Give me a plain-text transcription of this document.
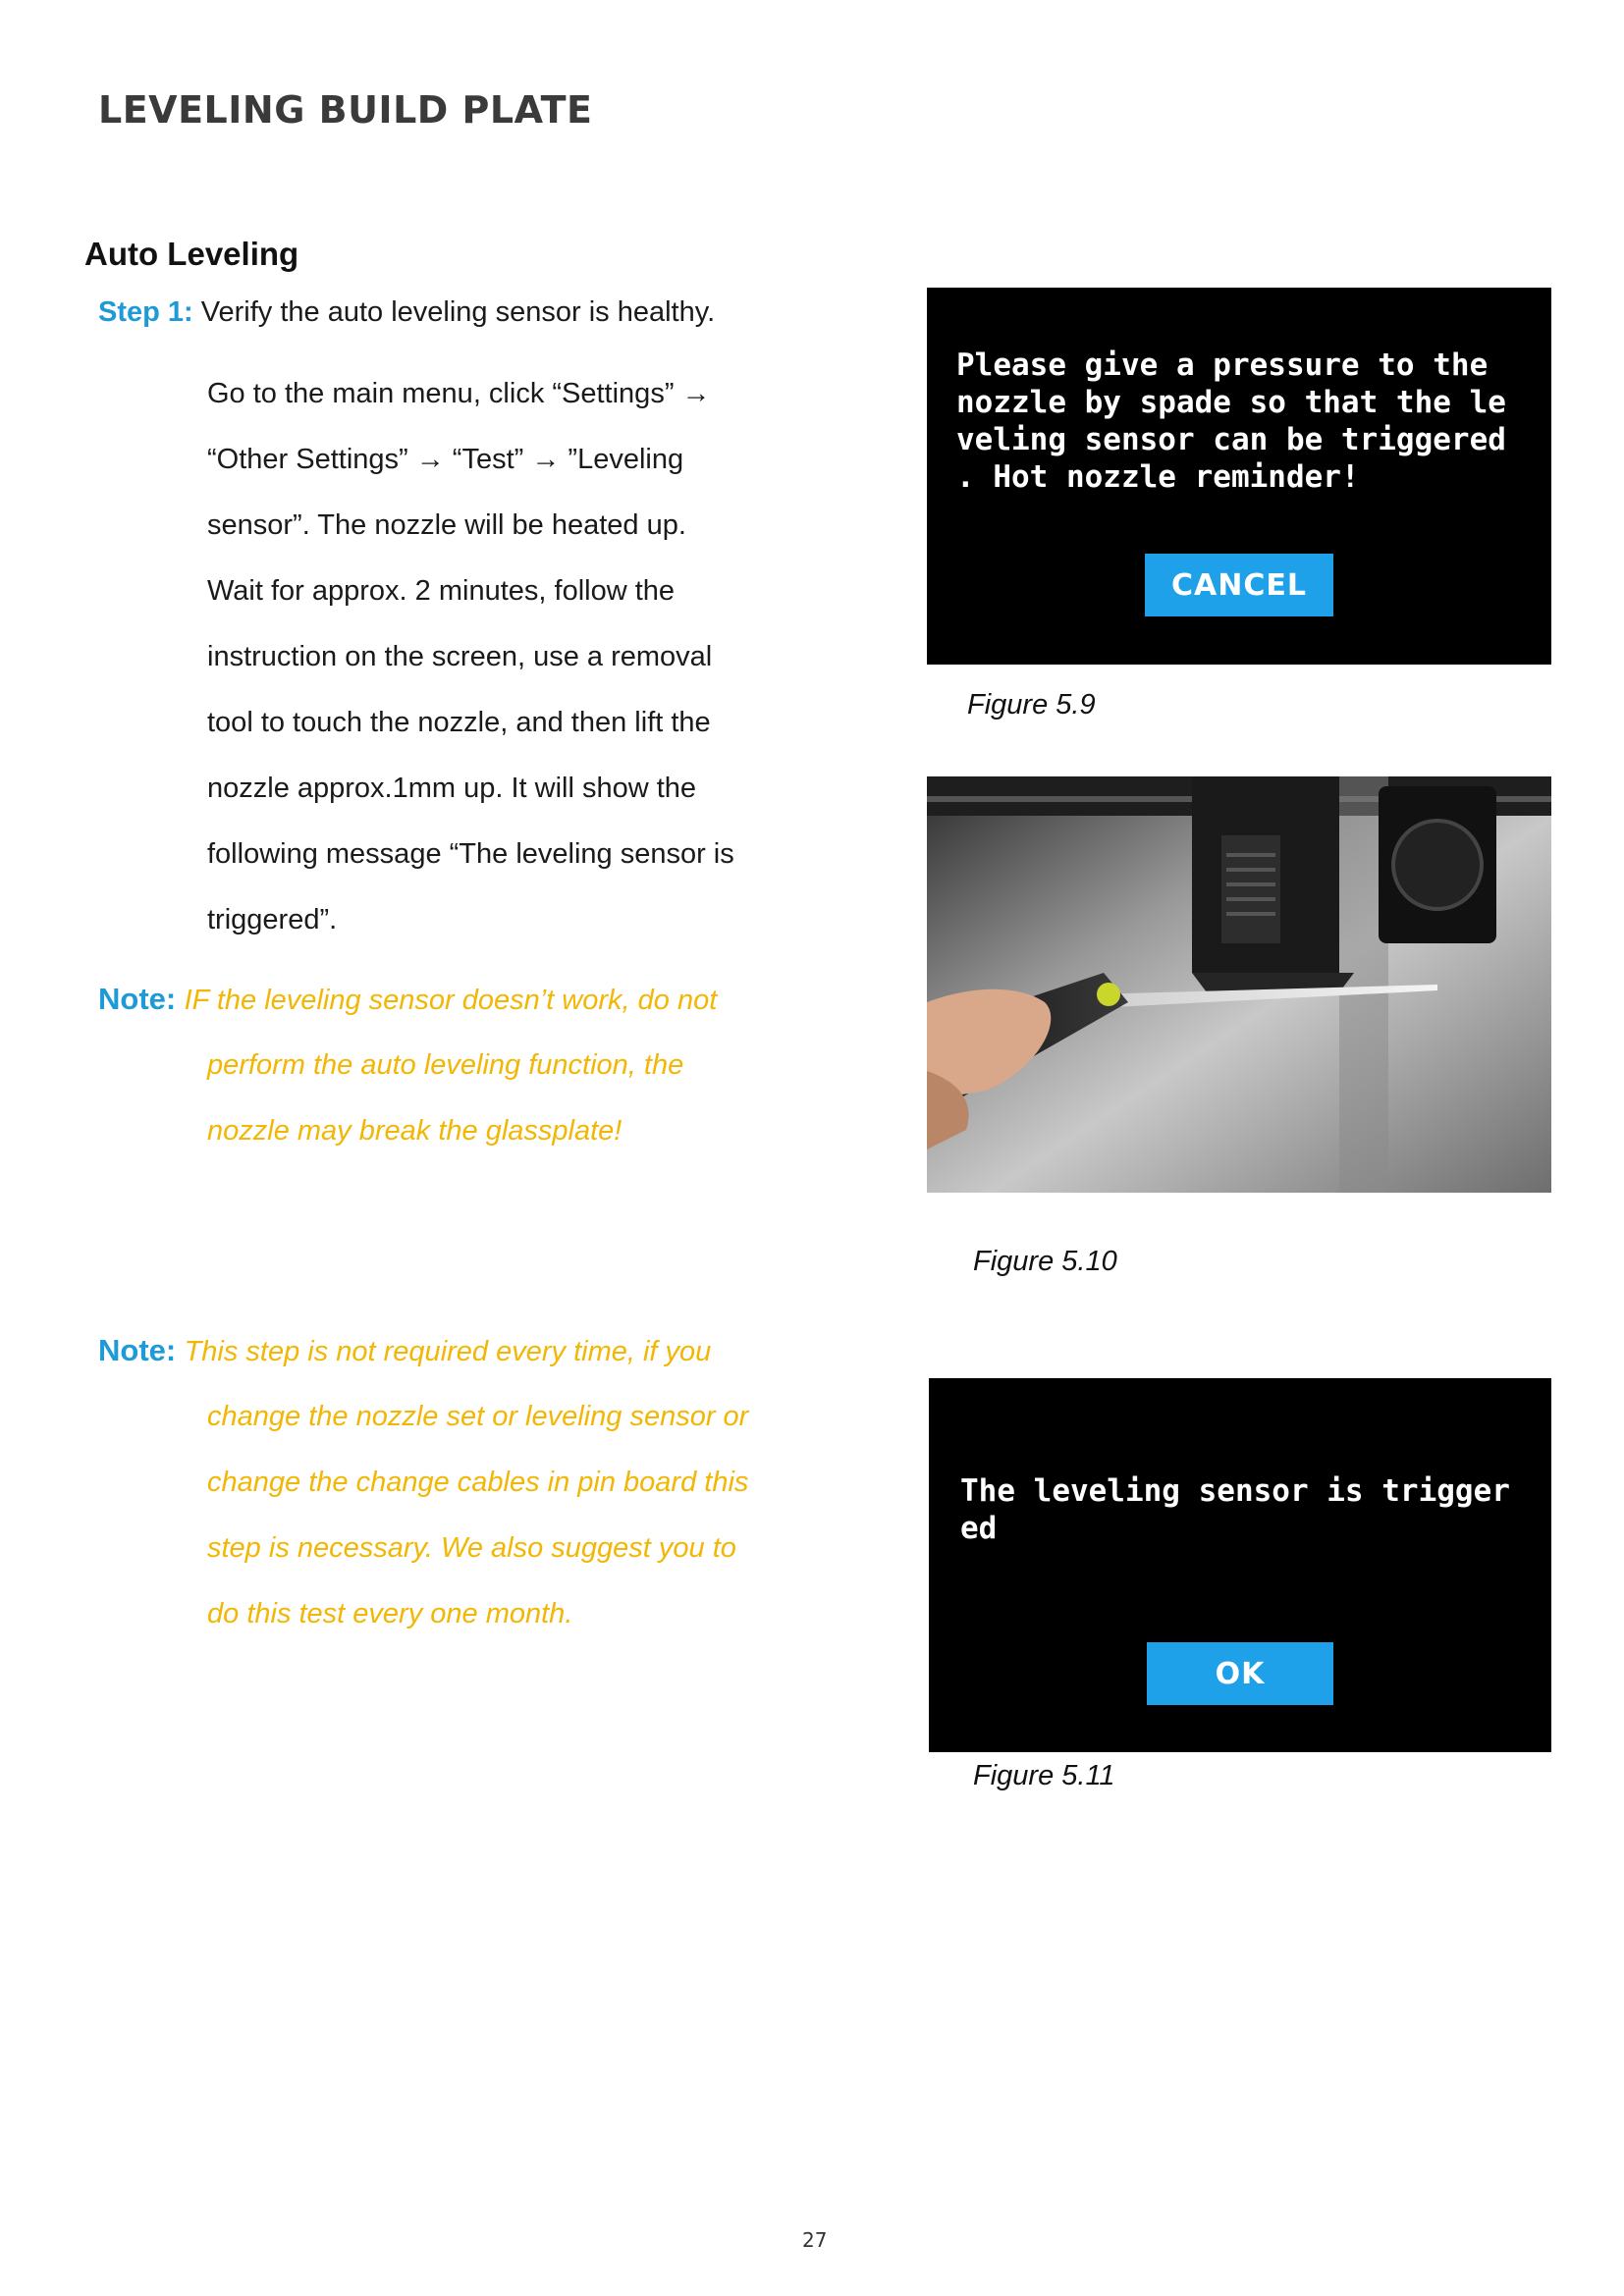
LEVELING BUILD PLATE
Auto Leveling
Step 1: Verify the auto leveling sensor is healthy.

Go to the main menu, click “Settings” →

“Other Settings” → “Test” → ”Leveling

sensor”. The nozzle will be heated up.

Wait for approx. 2 minutes, follow the

instruction on the screen, use a removal

tool to touch the nozzle, and then lift the

nozzle approx.1mm up. It will show the

following message “The leveling sensor is

triggered”.

Note: IF the leveling sensor doesn’t work, do not

perform the auto leveling function, the

nozzle may break the glassplate!

Note: This step is not required every time, if you

change the nozzle set or leveling sensor or

change the change cables in pin board this

step is necessary. We also suggest you to

do this test every one month.

Please give a pressure to the
nozzle by spade so that the le
veling sensor can be triggered
. Hot nozzle reminder!
CANCEL
Figure 5.9
Figure 5.10
The leveling sensor is trigger
ed
OK
Figure 5.11
27
